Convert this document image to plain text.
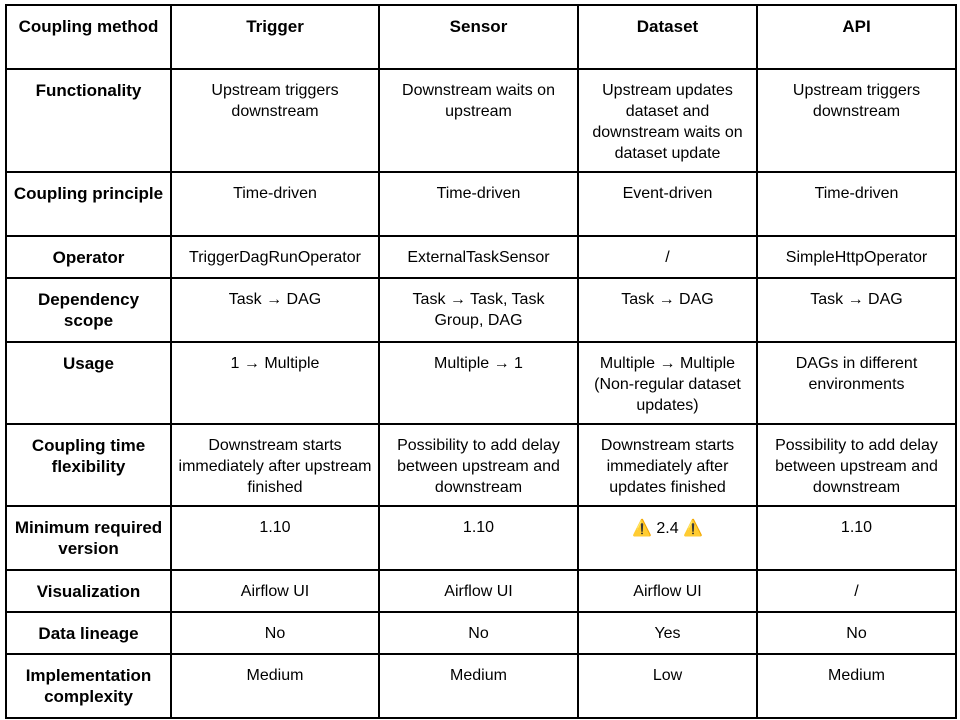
Coupling method	Trigger	Sensor	Dataset	API
Functionality	Upstream triggers downstream	Downstream waits on upstream	Upstream updates dataset and downstream waits on dataset update	Upstream triggers downstream
Coupling principle	Time-driven	Time-driven	Event-driven	Time-driven
Operator	TriggerDagRunOperator	ExternalTaskSensor	/	SimpleHttpOperator
Dependency scope	Task → DAG	Task → Task, Task Group, DAG	Task → DAG	Task → DAG
Usage	1 → Multiple	Multiple → 1	Multiple → Multiple (Non-regular dataset updates)	DAGs in different environments
Coupling time flexibility	Downstream starts immediately after upstream finished	Possibility to add delay between upstream and downstream	Downstream starts immediately after updates finished	Possibility to add delay between upstream and downstream
Minimum required version	1.10	1.10	⚠️ 2.4 ⚠️	1.10
Visualization	Airflow UI	Airflow UI	Airflow UI	/
Data lineage	No	No	Yes	No
Implementation complexity	Medium	Medium	Low	Medium
